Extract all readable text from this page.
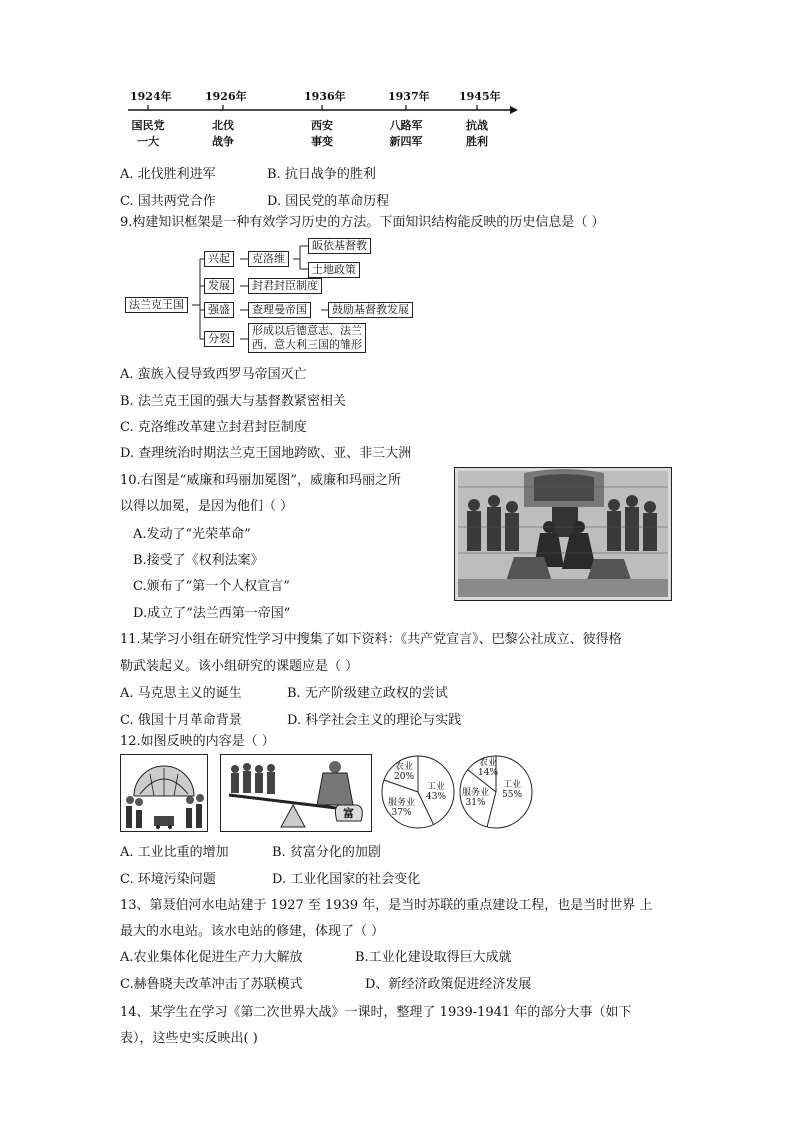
1924年	1926年	1936年	1937年	1945年
国民党
一大
北伐
战争
西安
事变
八路军
新四军
抗战
胜利
A. 北伐胜利进军	B. 抗日战争的胜利
C. 国共两党合作	D. 国民党的革命历程
9.构建知识框架是一种有效学习历史的方法。下面知识结构能反映的历史信息是（ ）
法兰克王国
兴起
发展
强盛
分裂
克洛维
皈依基督教
土地政策
封君封臣制度
查理曼帝国	鼓励基督教发展
形成以后德意志、法兰
西、意大利三国的雏形
A. 蛮族入侵导致西罗马帝国灭亡
B. 法兰克王国的强大与基督教紧密相关
C. 克洛维改革建立封君封臣制度
D. 查理统治时期法兰克王国地跨欧、亚、非三大洲
10.右图是“威廉和玛丽加冕图”，威廉和玛丽之所
以得以加冕，是因为他们（ ）
A.发动了“光荣革命”
B.接受了《权利法案》
C.颁布了“第一个人权宣言”
D.成立了“法兰西第一帝国”
11.某学习小组在研究性学习中搜集了如下资料：《共产党宣言》、巴黎公社成立、彼得格
勒武装起义。该小组研究的课题应是（ ）
A. 马克思主义的诞生	B. 无产阶级建立政权的尝试
C. 俄国十月革命背景	D. 科学社会主义的理论与实践
12.如图反映的内容是（ ）
富
农业
20%
工业
43%
服务业
37%
农业
14%
工业
55%
服务业
31%
A. 工业比重的增加	B. 贫富分化的加剧
C. 环境污染问题	D. 工业化国家的社会变化
13、第聂伯河水电站建于 1927 至 1939 年，是当时苏联的重点建设工程，也是当时世界 上
最大的水电站。该水电站的修建，体现了（ ）
A.农业集体化促进生产力大解放	B.工业化建设取得巨大成就
C.赫鲁晓夫改革冲击了苏联模式	D、新经济政策促进经济发展
14、某学生在学习《第二次世界大战》一课时，整理了 1939-1941 年的部分大事（如下
表），这些史实反映出( )
